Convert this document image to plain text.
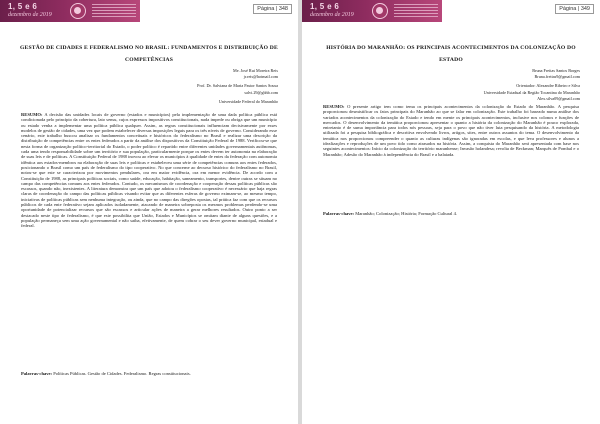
1, 5 e 6
dezembro de 2019
Página | 348
GESTÃO DE CIDADES E FEDERALISMO NO BRASIL: FUNDAMENTOS E DISTRIBUIÇÃO DE COMPETÊNCIAS
Me. José Rui Moreira Reis
jr.reis@hotmail.com
Prof. Dr. Salviana de Maria Pastor Santos Sousa
salvi.29@gbhb.com
Universidade Federal do Maranhão
RESUMO: A decisão das unidades locais de governo (estados e municípios) pela implementação de uma dada política pública está condicionada pelo princípio da cobertura, lato sensu, cujos expressos impositivos constitucionais, nada impede ou obriga que um município ou estado venha a implementar uma política pública qualquer. Assim, as regras constitucionais influenciam decisivamente por esses modelos de gestão de cidades, uma vez que podem estabelecer diversas imposições legais para os três níveis de governo. Considerando esse cenário, este trabalho buscou analisar os fundamentos conceituais e históricos do federalismo no Brasil e realizar uma descrição da distribuição de competências entre os entes federados a partir da análise dos dispositivos da Constituição Federal de 1988. Verificou-se que nesta forma de organização político-territorial do Estado, o poder político é repartido entre diferentes unidades governamentais autônomas, cada uma tendo responsabilidade sobre um território e sua população, particularmente porque os entes devem ter autonomia na elaboração de suas leis e de políticas. A Constituição Federal de 1988 inovou ao elevar os municípios à qualidade de entes da federação com autonomia idêntica aos estados-membros na elaboração de suas leis e políticas e estabeleceu uma série de competências comuns aos entes federados, posicionando o Brasil como um país de federalismo do tipo cooperativo. No que concerne ao decurso histórico do federalismo no Brasil, notou-se que este se caracterizou por movimentos pendulares, ora em maior evidência, ora em menor evidência. De acordo com a Constituição de 1988, as principais políticas sociais, como saúde, educação, habitação, saneamento, transportes, dentre outras se situam no campo das competências comuns aos entes federados. Contudo, os mecanismos de coordenação e cooperação dessas políticas públicas são escassos, quando não, inexistentes. A literatura demonstra que um país que adotou o federalismo cooperativo é necessário que haja regras claras de coordenação do campo das políticas públicas visando evitar que as diferentes esferas de governo eximam-se, ao mesmo tempo, iniciativas de políticas públicas sem nenhuma integração, ou ainda, que no campo das diregões opostas, tal prática faz com que os recursos públicos de cada ente federativo sejam aplicados isoladamente, atacando de maneira sobreposta os mesmos problemas perdendo-se uma oportunidade de potencializar recursos que são escassos e articular ações de maneira a gerar melhores resultados. Outro ponto a ser destacado neste tipo de federalismo, é que este possibilita que União, Estados e Municípios se omitam diante de alguns questões, e a população permaneça sem uma ação governamental e não saiba, efetivamente, de quem cobrar o seu dever governo municipal, estadual e federal.
Palavras-chave: Políticas Públicas. Gestão de Cidades. Federalismo. Regras constitucionais.
1, 5 e 6
dezembro de 2019
Página | 349
HISTÓRIA DO MARANHÃO: OS PRINCIPAIS ACONTECIMENTOS DA COLONIZAÇÃO DO ESTADO
Bruna Freitas Santos Borges
Bruna.freitas9@gmail.com
Orientador: Alexandre Ribeiro e Silva
Universidade Estadual da Região Tocantina do Maranhão
Alex.silva09@gmail.com
RESUMO: O presente artigo tem como tema os principais acontecimentos da colonização do Estado do Maranhão. A pesquisa proporcionou desmistificar os fatos principais do Maranhão ao que se falar em colonização. Este trabalho foi baseado numa análise dos variados acontecimentos da colonização do Estado e tendo em mente os principais acontecimentos, inclusive nos colonos e funções de mercados. O desenvolvimento da temática proporcionou apresentar o quanto a história da colonização do Maranhão é pouco explorada, entretanto é de suma importância para todos nós pessoas, seja para o povo que não tiver luta pesquisando da história. A metodologia utilizada foi a pesquisa bibliográfica e descritiva envolvendo livros, artigos, sites, entre outros assuntos do tema. O desenvolvimento da temática nos proporcionou compreender o quanto as culturas indígenas são ignoradas em escolas, e que leva professores e alunos a idealizações e reproduções de um povo tido como atrasados na história. Assim, a conquista do Maranhão será apresentada com base nos seguintes acontecimentos: Início da colonização do território maranhense; Invasão holandesa; revolta de Beckman; Marquês de Pombal e o Maranhão; Adesão do Maranhão à independência do Brasil e a balaiada.
Palavras-chave: Maranhão; Colonização; História; Formação Cultural 4.
